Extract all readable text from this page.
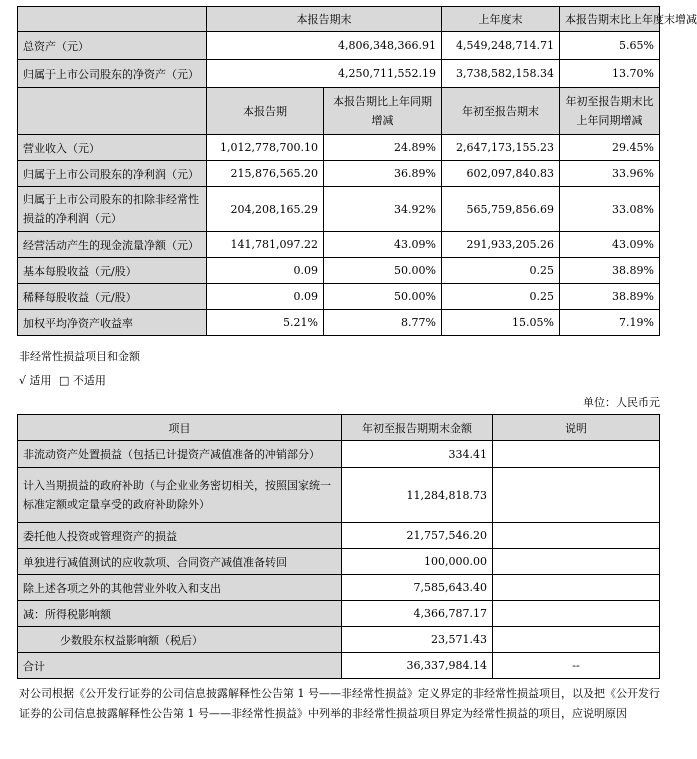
	本报告期末		上年度末	本报告期末比上年度末增减
总资产（元）	4,806,348,366.91		4,549,248,714.71	5.65%
归属于上市公司股东的净资产（元）	4,250,711,552.19		3,738,582,158.34	13.70%
	本报告期	本报告期比上年同期增减	年初至报告期末	年初至报告期末比上年同期增减
营业收入（元）	1,012,778,700.10	24.89%	2,647,173,155.23	29.45%
归属于上市公司股东的净利润（元）	215,876,565.20	36.89%	602,097,840.83	33.96%
归属于上市公司股东的扣除非经常性损益的净利润（元）	204,208,165.29	34.92%	565,759,856.69	33.08%
经营活动产生的现金流量净额（元）	141,781,097.22	43.09%	291,933,205.26	43.09%
基本每股收益（元/股）	0.09	50.00%	0.25	38.89%
稀释每股收益（元/股）	0.09	50.00%	0.25	38.89%
加权平均净资产收益率	5.21%	8.77%	15.05%	7.19%
非经常性损益项目和金额
√ 适用 □ 不适用
单位：人民币元
项目	年初至报告期期末金额	说明
非流动资产处置损益（包括已计提资产减值准备的冲销部分）	334.41	
计入当期损益的政府补助（与企业业务密切相关，按照国家统一标准定额或定量享受的政府补助除外）	11,284,818.73	
委托他人投资或管理资产的损益	21,757,546.20	
单独进行减值测试的应收款项、合同资产减值准备转回	100,000.00	
除上述各项之外的其他营业外收入和支出	7,585,643.40	
减：所得税影响额	4,366,787.17	
少数股东权益影响额（税后）	23,571.43	
合计	36,337,984.14	--
对公司根据《公开发行证券的公司信息披露解释性公告第 1 号——非经常性损益》定义界定的非经常性损益项目，以及把《公开发行证券的公司信息披露解释性公告第 1 号——非经常性损益》中列举的非经常性损益项目界定为经常性损益的项目，应说明原因
